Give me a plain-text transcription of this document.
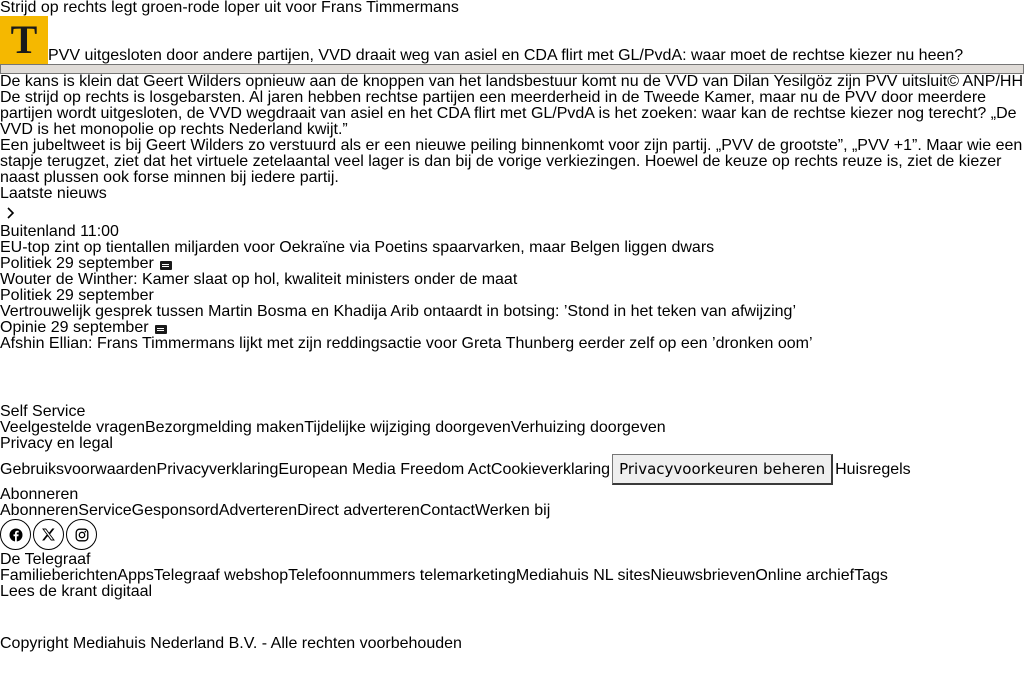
Strijd op rechts legt groen-rode loper uit voor Frans Timmermans
T PVV uitgesloten door andere partijen, VVD draait weg van asiel en CDA flirt met GL/PvdA: waar moet de rechtse kiezer nu heen?
De kans is klein dat Geert Wilders opnieuw aan de knoppen van het landsbestuur komt nu de VVD van Dilan Yesilgöz zijn PVV uitsluit© ANP/HH
De strijd op rechts is losgebarsten. Al jaren hebben rechtse partijen een meerderheid in de Tweede Kamer, maar nu de PVV door meerdere partijen wordt uitgesloten, de VVD wegdraait van asiel en het CDA flirt met GL/PvdA is het zoeken: waar kan de rechtse kiezer nog terecht? „De VVD is het monopolie op rechts Nederland kwijt.”
Een jubeltweet is bij Geert Wilders zo verstuurd als er een nieuwe peiling binnenkomt voor zijn partij. „PVV de grootste”, „PVV +1”. Maar wie een stapje terugzet, ziet dat het virtuele zetelaantal veel lager is dan bij de vorige verkiezingen. Hoewel de keuze op rechts reuze is, ziet de kiezer naast plussen ook forse minnen bij iedere partij.
Laatste nieuws
Buitenland 11:00
EU-top zint op tientallen miljarden voor Oekraïne via Poetins spaarvarken, maar Belgen liggen dwars
Politiek 29 september
Wouter de Winther: Kamer slaat op hol, kwaliteit ministers onder de maat
Politiek 29 september
Vertrouwelijk gesprek tussen Martin Bosma en Khadija Arib ontaardt in botsing: ’Stond in het teken van afwijzing’
Opinie 29 september
Afshin Ellian: Frans Timmermans lijkt met zijn reddingsactie voor Greta Thunberg eerder zelf op een ’dronken oom’
Self Service
Veelgestelde vragen Bezorgmelding maken Tijdelijke wijziging doorgeven Verhuizing doorgeven
Privacy en legal
Gebruiksvoorwaarden Privacyverklaring European Media Freedom Act Cookieverklaring Privacyvoorkeuren beheren Huisregels
Abonneren
Abonneren Service Gesponsord Adverteren Direct adverteren Contact Werken bij
De Telegraaf
Familieberichten Apps Telegraaf webshop Telefoonnummers telemarketing Mediahuis NL sites Nieuwsbrieven Online archief Tags
Lees de krant digitaal
Copyright Mediahuis Nederland B.V. - Alle rechten voorbehouden
